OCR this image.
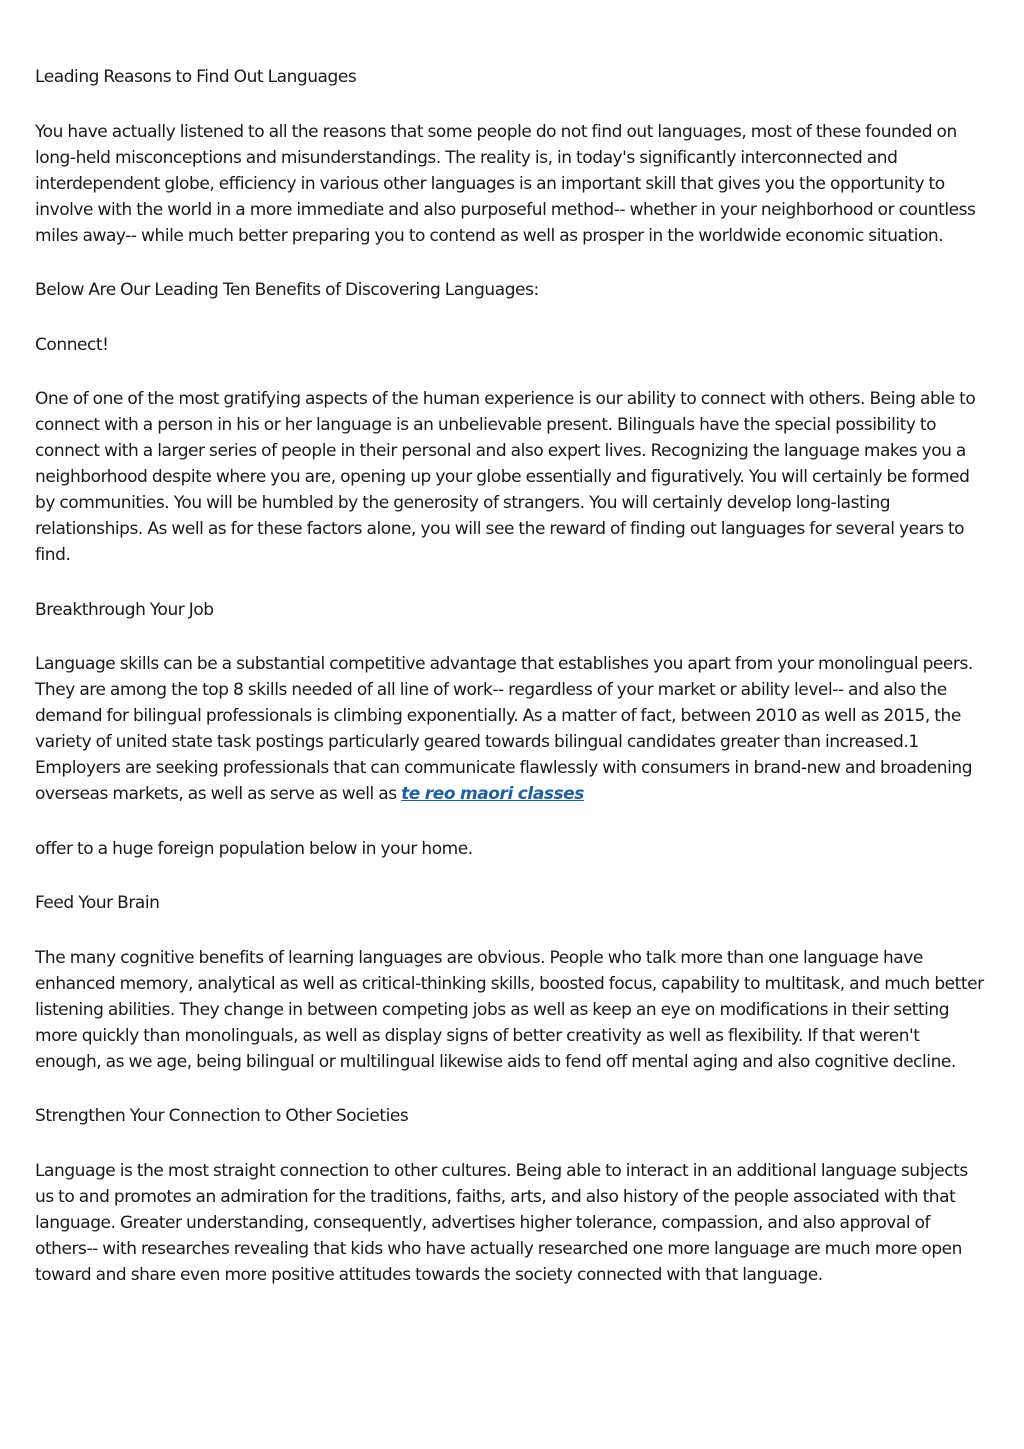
Leading Reasons to Find Out Languages

You have actually listened to all the reasons that some people do not find out languages, most of these founded on long-held misconceptions and misunderstandings. The reality is, in today's significantly interconnected and interdependent globe, efficiency in various other languages is an important skill that gives you the opportunity to involve with the world in a more immediate and also purposeful method-- whether in your neighborhood or countless miles away-- while much better preparing you to contend as well as prosper in the worldwide economic situation.

Below Are Our Leading Ten Benefits of Discovering Languages:

Connect!

One of one of the most gratifying aspects of the human experience is our ability to connect with others. Being able to connect with a person in his or her language is an unbelievable present. Bilinguals have the special possibility to connect with a larger series of people in their personal and also expert lives. Recognizing the language makes you a neighborhood despite where you are, opening up your globe essentially and figuratively. You will certainly be formed by communities. You will be humbled by the generosity of strangers. You will certainly develop long-lasting relationships. As well as for these factors alone, you will see the reward of finding out languages for several years to find.

Breakthrough Your Job

Language skills can be a substantial competitive advantage that establishes you apart from your monolingual peers. They are among the top 8 skills needed of all line of work-- regardless of your market or ability level-- and also the demand for bilingual professionals is climbing exponentially. As a matter of fact, between 2010 as well as 2015, the variety of united state task postings particularly geared towards bilingual candidates greater than increased.1 Employers are seeking professionals that can communicate flawlessly with consumers in brand-new and broadening overseas markets, as well as serve as well as te reo maori classes

offer to a huge foreign population below in your home.

Feed Your Brain

The many cognitive benefits of learning languages are obvious. People who talk more than one language have enhanced memory, analytical as well as critical-thinking skills, boosted focus, capability to multitask, and much better listening abilities. They change in between competing jobs as well as keep an eye on modifications in their setting more quickly than monolinguals, as well as display signs of better creativity as well as flexibility. If that weren't enough, as we age, being bilingual or multilingual likewise aids to fend off mental aging and also cognitive decline.

Strengthen Your Connection to Other Societies

Language is the most straight connection to other cultures. Being able to interact in an additional language subjects us to and promotes an admiration for the traditions, faiths, arts, and also history of the people associated with that language. Greater understanding, consequently, advertises higher tolerance, compassion, and also approval of others-- with researches revealing that kids who have actually researched one more language are much more open toward and share even more positive attitudes towards the society connected with that language.
